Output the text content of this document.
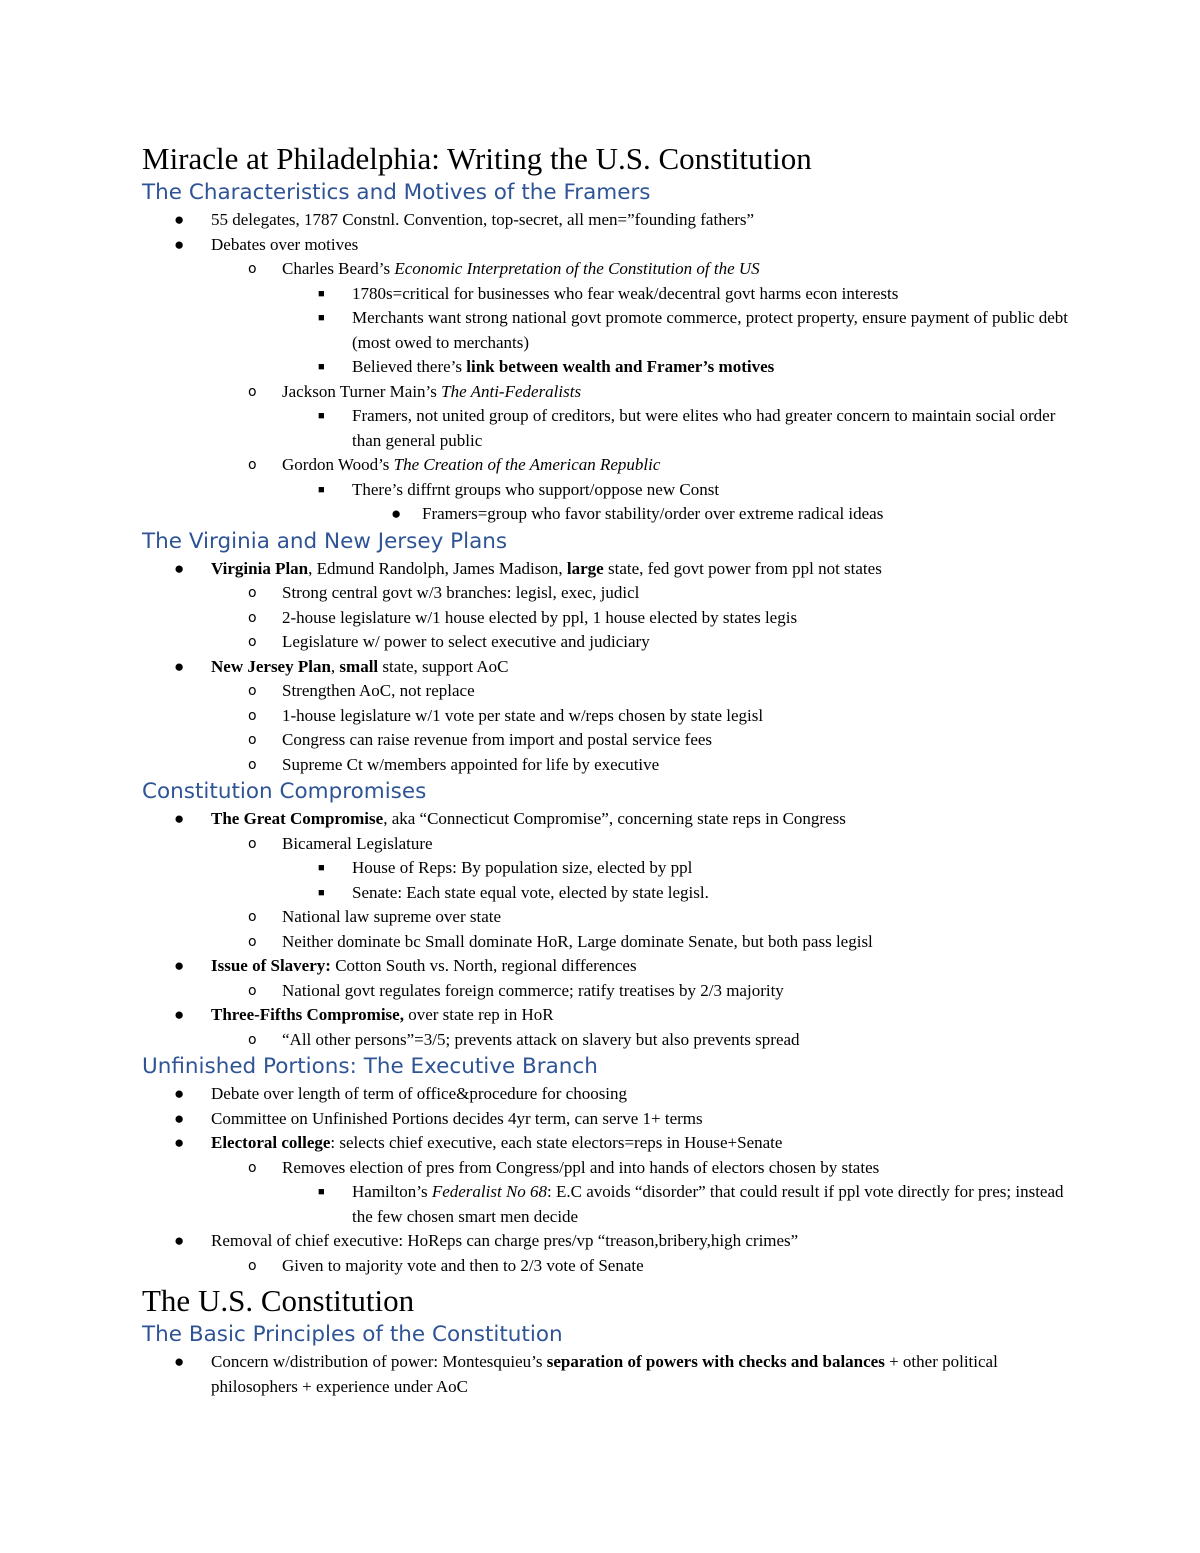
Miracle at Philadelphia: Writing the U.S. Constitution
The Characteristics and Motives of the Framers
● 55 delegates, 1787 Constnl. Convention, top-secret, all men=”founding fathers”
● Debates over motives
o Charles Beard’s Economic Interpretation of the Constitution of the US
■ 1780s=critical for businesses who fear weak/decentral govt harms econ interests
■ Merchants want strong national govt promote commerce, protect property, ensure payment of public debt (most owed to merchants)
■ Believed there’s link between wealth and Framer’s motives
o Jackson Turner Main’s The Anti-Federalists
■ Framers, not united group of creditors, but were elites who had greater concern to maintain social order than general public
o Gordon Wood’s The Creation of the American Republic
■ There’s diffrnt groups who support/oppose new Const
● Framers=group who favor stability/order over extreme radical ideas
The Virginia and New Jersey Plans
● Virginia Plan, Edmund Randolph, James Madison, large state, fed govt power from ppl not states
o Strong central govt w/3 branches: legisl, exec, judicl
o 2-house legislature w/1 house elected by ppl, 1 house elected by states legis
o Legislature w/ power to select executive and judiciary
● New Jersey Plan, small state, support AoC
o Strengthen AoC, not replace
o 1-house legislature w/1 vote per state and w/reps chosen by state legisl
o Congress can raise revenue from import and postal service fees
o Supreme Ct w/members appointed for life by executive
Constitution Compromises
● The Great Compromise, aka “Connecticut Compromise”, concerning state reps in Congress
o Bicameral Legislature
■ House of Reps: By population size, elected by ppl
■ Senate: Each state equal vote, elected by state legisl.
o National law supreme over state
o Neither dominate bc Small dominate HoR, Large dominate Senate, but both pass legisl
● Issue of Slavery: Cotton South vs. North, regional differences
o National govt regulates foreign commerce; ratify treatises by 2/3 majority
● Three-Fifths Compromise, over state rep in HoR
o “All other persons”=3/5; prevents attack on slavery but also prevents spread
Unfinished Portions: The Executive Branch
● Debate over length of term of office&procedure for choosing
● Committee on Unfinished Portions decides 4yr term, can serve 1+ terms
● Electoral college: selects chief executive, each state electors=reps in House+Senate
o Removes election of pres from Congress/ppl and into hands of electors chosen by states
■ Hamilton’s Federalist No 68: E.C avoids “disorder” that could result if ppl vote directly for pres; instead the few chosen smart men decide
● Removal of chief executive: HoReps can charge pres/vp “treason,bribery,high crimes”
o Given to majority vote and then to 2/3 vote of Senate
The U.S. Constitution
The Basic Principles of the Constitution
● Concern w/distribution of power: Montesquieu’s separation of powers with checks and balances + other political philosophers + experience under AoC
